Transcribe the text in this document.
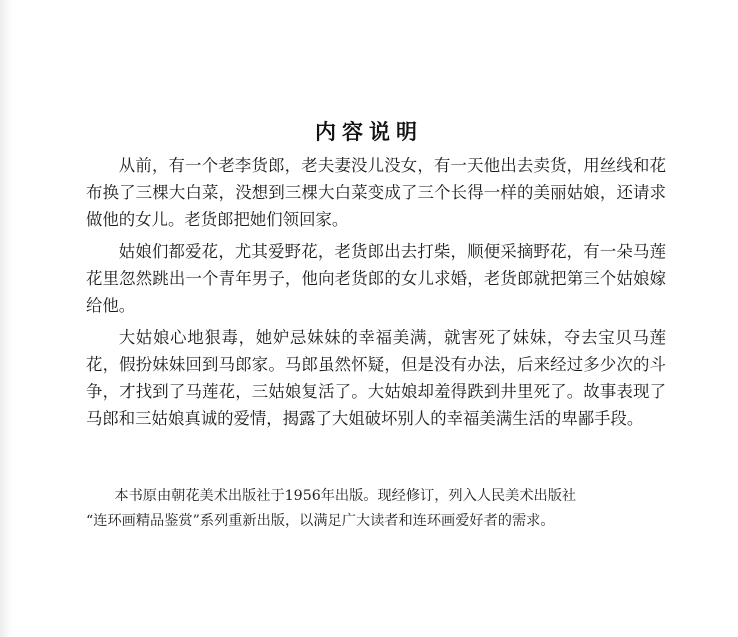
内容说明

从前，有一个老李货郎，老夫妻没儿没女，有一天他出去卖货，用丝线和花布换了三棵大白菜，没想到三棵大白菜变成了三个长得一样的美丽姑娘，还请求做他的女儿。老货郎把她们领回家。

姑娘们都爱花，尤其爱野花，老货郎出去打柴，顺便采摘野花，有一朵马莲花里忽然跳出一个青年男子，他向老货郎的女儿求婚，老货郎就把第三个姑娘嫁给他。

大姑娘心地狠毒，她妒忌妹妹的幸福美满，就害死了妹妹，夺去宝贝马莲花，假扮妹妹回到马郎家。马郎虽然怀疑，但是没有办法，后来经过多少次的斗争，才找到了马莲花，三姑娘复活了。大姑娘却羞得跌到井里死了。故事表现了马郎和三姑娘真诚的爱情，揭露了大姐破坏别人的幸福美满生活的卑鄙手段。

本书原由朝花美术出版社于1956年出版。现经修订，列入人民美术出版社

“连环画精品鉴赏”系列重新出版，以满足广大读者和连环画爱好者的需求。
